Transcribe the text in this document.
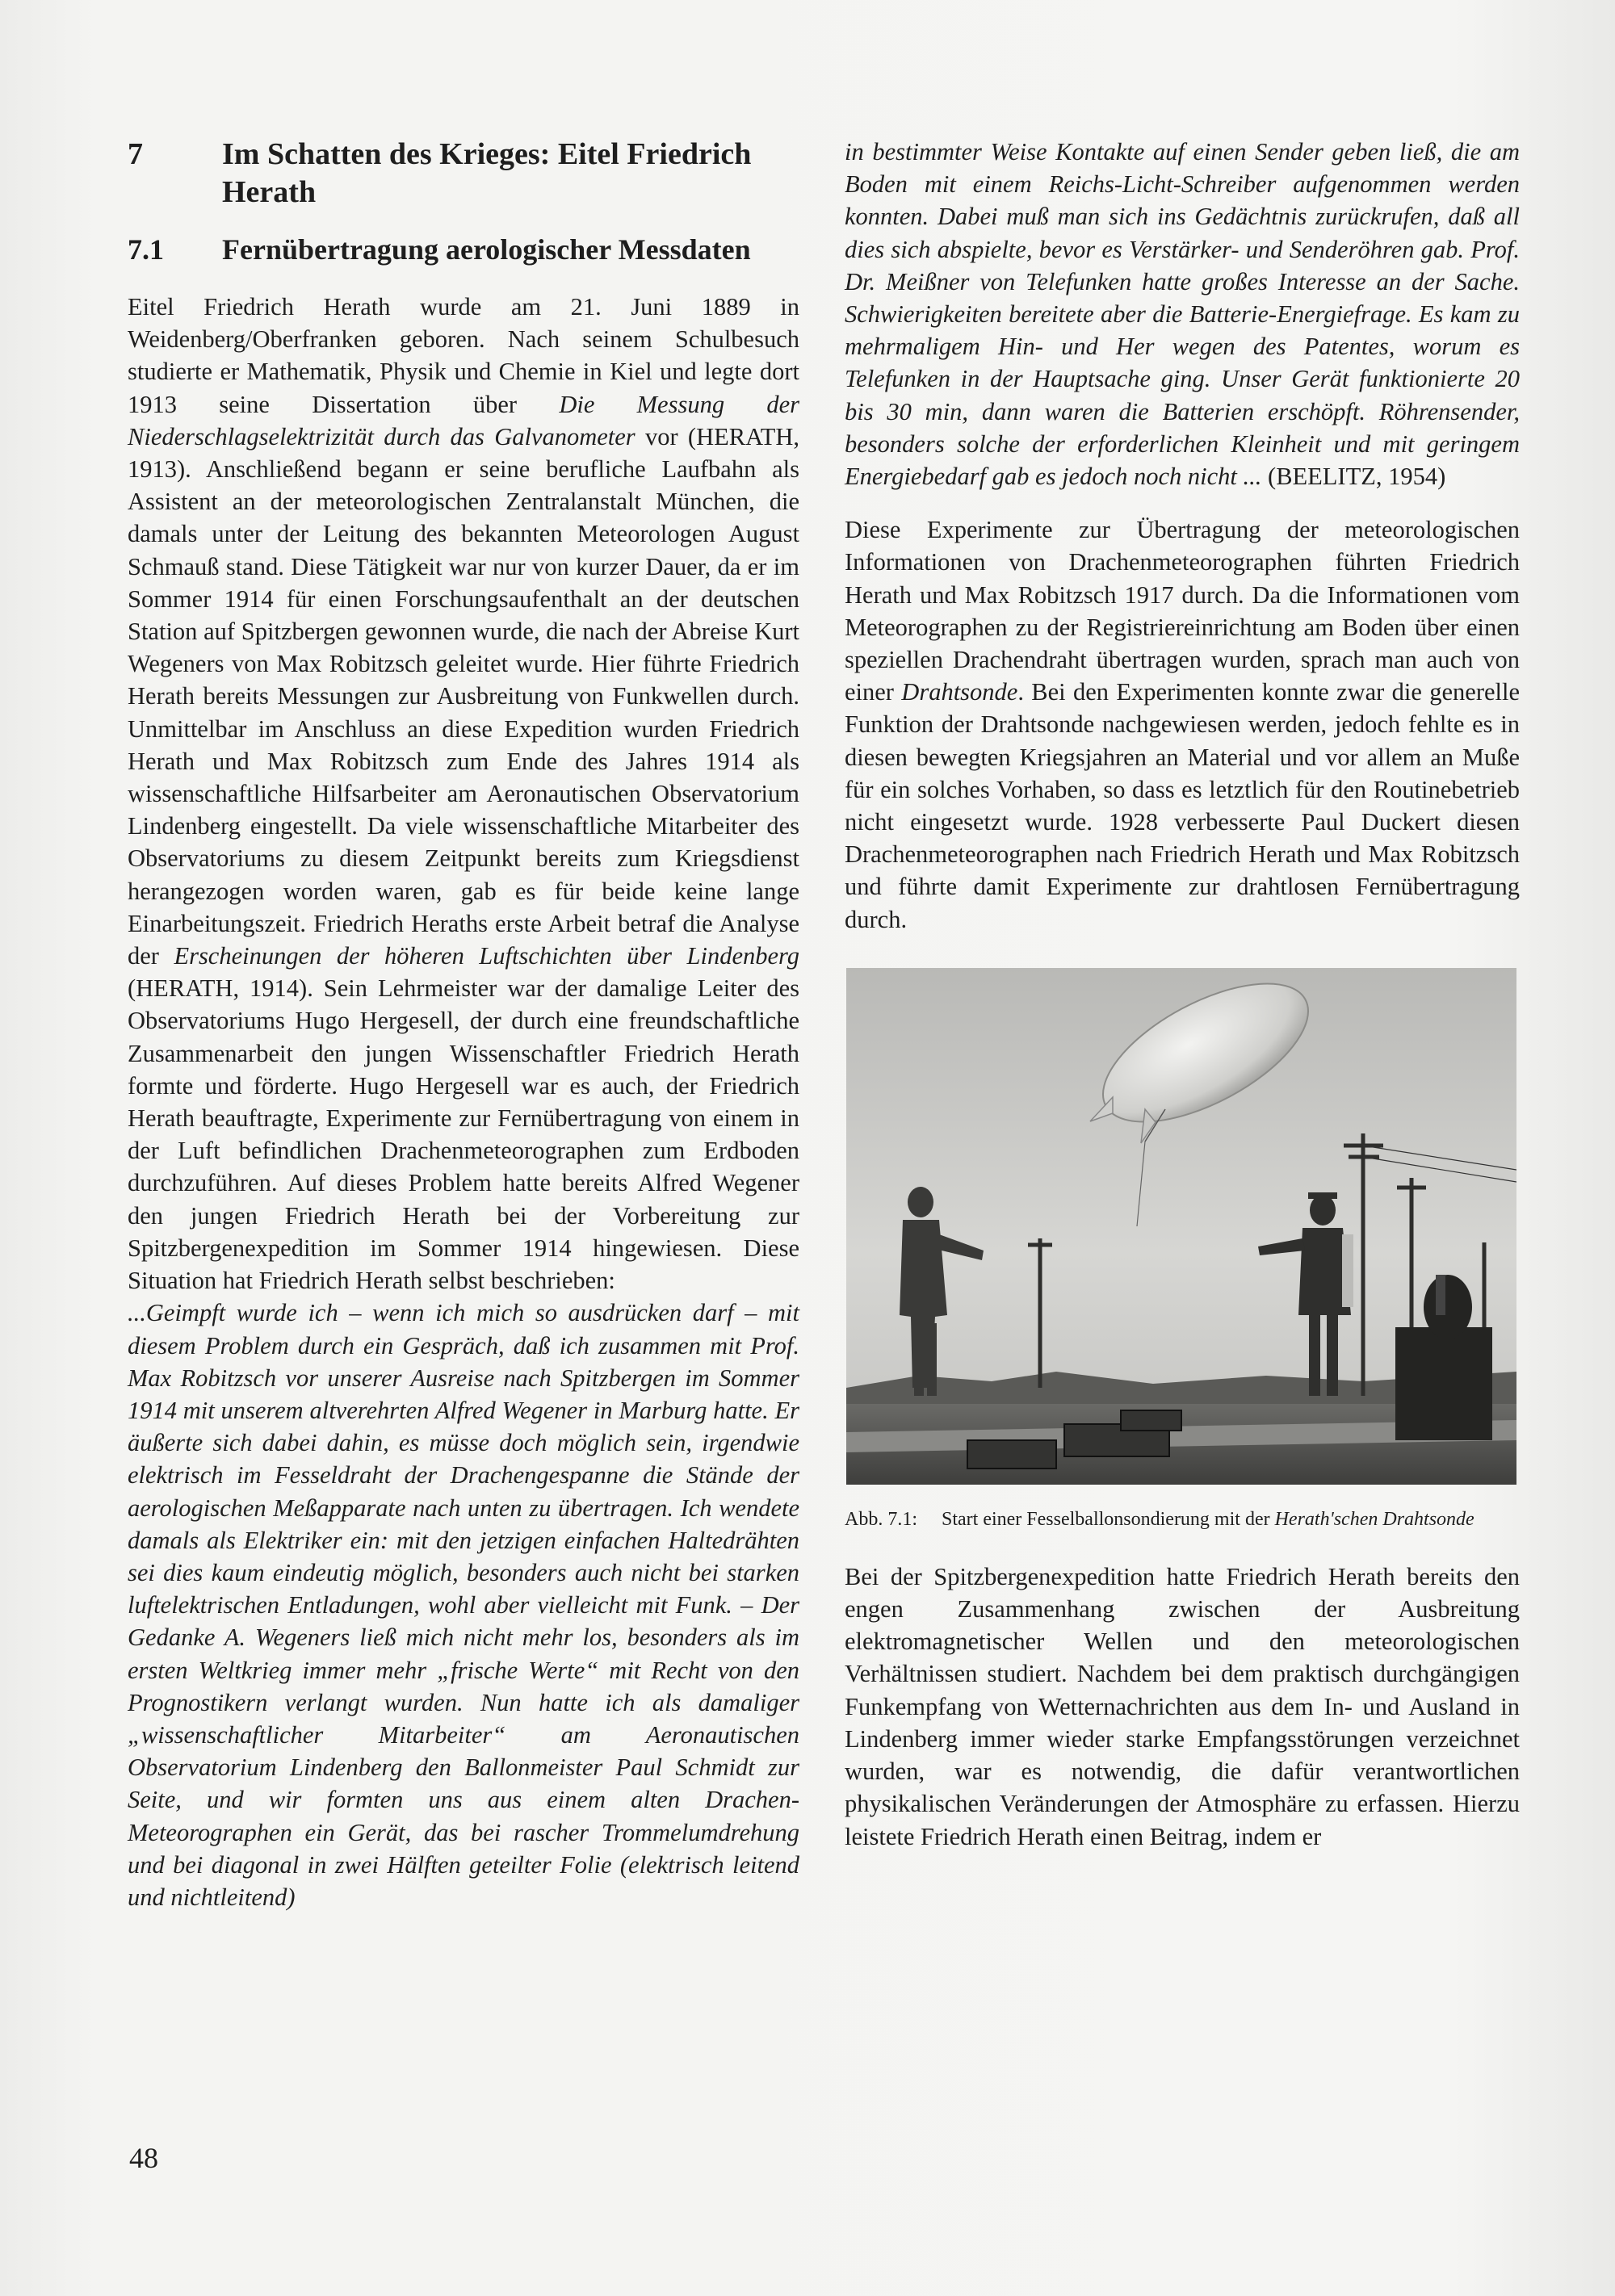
7	Im Schatten des Krieges: Eitel Friedrich Herath
7.1	Fernübertragung aerologischer Messdaten

Eitel Friedrich Herath wurde am 21. Juni 1889 in Weidenberg/Oberfranken geboren. Nach seinem Schulbesuch studierte er Mathematik, Physik und Chemie in Kiel und legte dort 1913 seine Dissertation über Die Messung der Niederschlagselektrizität durch das Galvanometer vor (HERATH, 1913). Anschließend begann er seine berufliche Laufbahn als Assistent an der meteorologischen Zentralanstalt München, die damals unter der Leitung des bekannten Meteorologen August Schmauß stand. Diese Tätigkeit war nur von kurzer Dauer, da er im Sommer 1914 für einen Forschungsaufenthalt an der deutschen Station auf Spitzbergen gewonnen wurde, die nach der Abreise Kurt Wegeners von Max Robitzsch geleitet wurde. Hier führte Friedrich Herath bereits Messungen zur Ausbreitung von Funkwellen durch. Unmittelbar im Anschluss an diese Expedition wurden Friedrich Herath und Max Robitzsch zum Ende des Jahres 1914 als wissenschaftliche Hilfsarbeiter am Aeronautischen Observatorium Lindenberg eingestellt. Da viele wissenschaftliche Mitarbeiter des Observatoriums zu diesem Zeitpunkt bereits zum Kriegsdienst herangezogen worden waren, gab es für beide keine lange Einarbeitungszeit. Friedrich Heraths erste Arbeit betraf die Analyse der Erscheinungen der höheren Luftschichten über Lindenberg (HERATH, 1914). Sein Lehrmeister war der damalige Leiter des Observatoriums Hugo Hergesell, der durch eine freundschaftliche Zusammenarbeit den jungen Wissenschaftler Friedrich Herath formte und förderte. Hugo Hergesell war es auch, der Friedrich Herath beauftragte, Experimente zur Fernübertragung von einem in der Luft befindlichen Drachenmeteorographen zum Erdboden durchzuführen. Auf dieses Problem hatte bereits Alfred Wegener den jungen Friedrich Herath bei der Vorbereitung zur Spitzbergenexpedition im Sommer 1914 hingewiesen. Diese Situation hat Friedrich Herath selbst beschrieben:

...Geimpft wurde ich – wenn ich mich so ausdrücken darf – mit diesem Problem durch ein Gespräch, daß ich zusammen mit Prof. Max Robitzsch vor unserer Ausreise nach Spitzbergen im Sommer 1914 mit unserem altverehrten Alfred Wegener in Marburg hatte. Er äußerte sich dabei dahin, es müsse doch möglich sein, irgendwie elektrisch im Fesseldraht der Drachengespanne die Stände der aerologischen Meßapparate nach unten zu übertragen. Ich wendete damals als Elektriker ein: mit den jetzigen einfachen Haltedrähten sei dies kaum eindeutig möglich, besonders auch nicht bei starken luftelektrischen Entladungen, wohl aber vielleicht mit Funk. – Der Gedanke A. Wegeners ließ mich nicht mehr los, besonders als im ersten Weltkrieg immer mehr „frische Werte“ mit Recht von den Prognostikern verlangt wurden. Nun hatte ich als damaliger „wissenschaftlicher Mitarbeiter“ am Aeronautischen Observatorium Lindenberg den Ballonmeister Paul Schmidt zur Seite, und wir formten uns aus einem alten Drachen-Meteorographen ein Gerät, das bei rascher Trommelumdrehung und bei diagonal in zwei Hälften geteilter Folie (elektrisch leitend und nichtleitend)

in bestimmter Weise Kontakte auf einen Sender geben ließ, die am Boden mit einem Reichs-Licht-Schreiber aufgenommen werden konnten. Dabei muß man sich ins Gedächtnis zurückrufen, daß all dies sich abspielte, bevor es Verstärker- und Senderöhren gab. Prof. Dr. Meißner von Telefunken hatte großes Interesse an der Sache. Schwierigkeiten bereitete aber die Batterie-Energiefrage. Es kam zu mehrmaligem Hin- und Her wegen des Patentes, worum es Telefunken in der Hauptsache ging. Unser Gerät funktionierte 20 bis 30 min, dann waren die Batterien erschöpft. Röhrensender, besonders solche der erforderlichen Kleinheit und mit geringem Energiebedarf gab es jedoch noch nicht ... (BEELITZ, 1954)

Diese Experimente zur Übertragung der meteorologischen Informationen von Drachenmeteorographen führten Friedrich Herath und Max Robitzsch 1917 durch. Da die Informationen vom Meteorographen zu der Registriereinrichtung am Boden über einen speziellen Drachendraht übertragen wurden, sprach man auch von einer Drahtsonde. Bei den Experimenten konnte zwar die generelle Funktion der Drahtsonde nachgewiesen werden, jedoch fehlte es in diesen bewegten Kriegsjahren an Material und vor allem an Muße für ein solches Vorhaben, so dass es letztlich für den Routinebetrieb nicht eingesetzt wurde. 1928 verbesserte Paul Duckert diesen Drachenmeteorographen nach Friedrich Herath und Max Robitzsch und führte damit Experimente zur drahtlosen Fernübertragung durch.

Abb. 7.1:	Start einer Fesselballonsondierung mit der Herath'schen Drahtsonde

Bei der Spitzbergenexpedition hatte Friedrich Herath bereits den engen Zusammenhang zwischen der Ausbreitung elektromagnetischer Wellen und den meteorologischen Verhältnissen studiert. Nachdem bei dem praktisch durchgängigen Funkempfang von Wetternachrichten aus dem In- und Ausland in Lindenberg immer wieder starke Empfangsstörungen verzeichnet wurden, war es notwendig, die dafür verantwortlichen physikalischen Veränderungen der Atmosphäre zu erfassen. Hierzu leistete Friedrich Herath einen Beitrag, indem er

48
